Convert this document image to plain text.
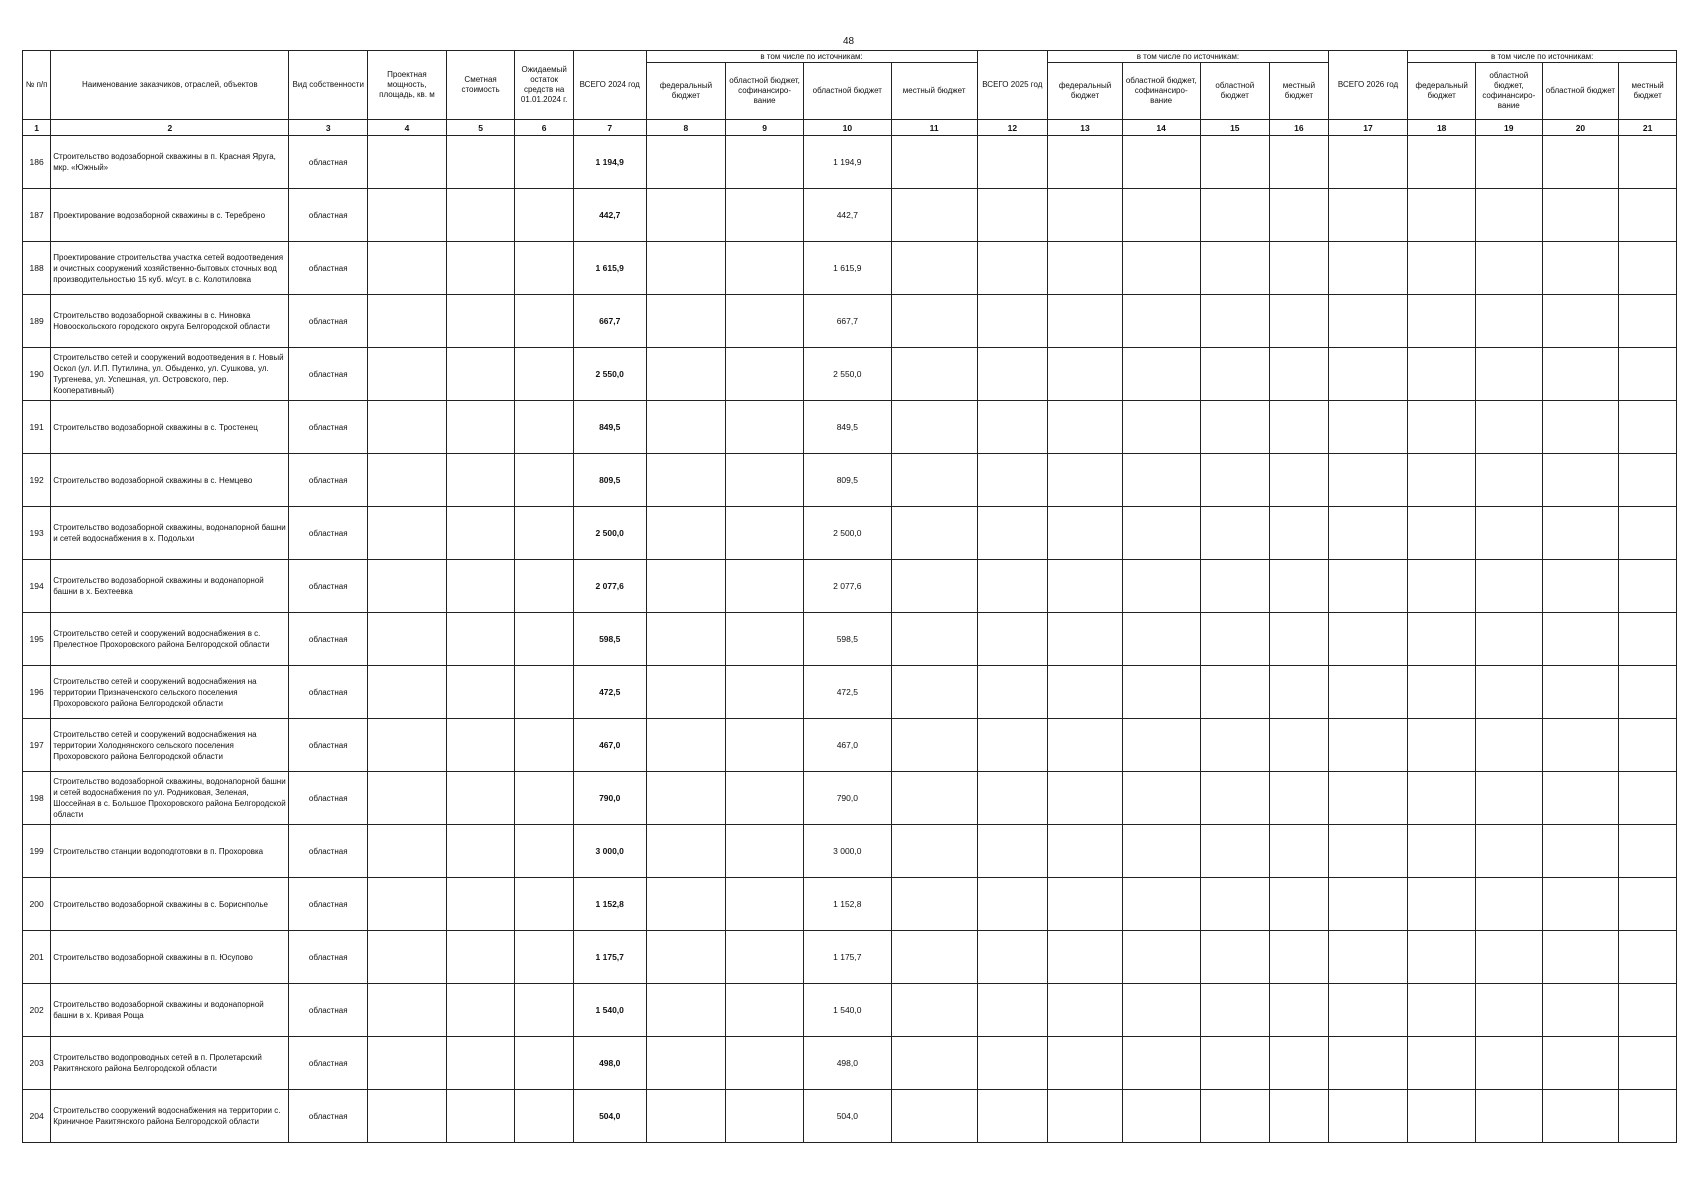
48
№ п/п	Наименование заказчиков, отраслей, объектов	Вид собственности	Проектная мощность, площадь, кв. м	Сметная стоимость	Ожидаемый остаток средств на 01.01.2024 г.	ВСЕГО 2024 год	в том числе по источникам:				ВСЕГО 2025 год	в том числе по источникам:				ВСЕГО 2026 год	в том числе по источникам:			
							федеральный бюджет	областной бюджет, софинансиро-вание	областной бюджет	местный бюджет		федеральный бюджет	областной бюджет, софинансиро-вание	областной бюджет	местный бюджет		федеральный бюджет	областной бюджет, софинансиро-вание	областной бюджет	местный бюджет
1	2	3	4	5	6	7	8	9	10	11	12	13	14	15	16	17	18	19	20	21
186	Строительство водозаборной скважины в п. Красная Яруга, мкр. «Южный»	областная				1 194,9			1 194,9											
187	Проектирование водозаборной скважины в с. Теребрено	областная				442,7			442,7											
188	Проектирование строительства участка сетей водоотведения и очистных сооружений хозяйственно-бытовых сточных вод производительностью 15 куб. м/сут. в с. Колотиловка	областная				1 615,9			1 615,9											
189	Строительство водозаборной скважины в с. Ниновка Новооскольского городского округа Белгородской области	областная				667,7			667,7											
190	Строительство сетей и сооружений водоотведения в г. Новый Оскол (ул. И.П. Путилина, ул. Обыденко, ул. Сушкова, ул. Тургенева, ул. Успешная, ул. Островского, пер. Кооперативный)	областная				2 550,0			2 550,0											
191	Строительство водозаборной скважины в с. Тростенец	областная				849,5			849,5											
192	Строительство водозаборной скважины в с. Немцево	областная				809,5			809,5											
193	Строительство водозаборной скважины, водонапорной башни и сетей водоснабжения в х. Подольхи	областная				2 500,0			2 500,0											
194	Строительство водозаборной скважины и водонапорной башни в х. Бехтеевка	областная				2 077,6			2 077,6											
195	Строительство сетей и сооружений водоснабжения в с. Прелестное Прохоровского района Белгородской области	областная				598,5			598,5											
196	Строительство сетей и сооружений водоснабжения на территории Призначенского сельского поселения Прохоровского района Белгородской области	областная				472,5			472,5											
197	Строительство сетей и сооружений водоснабжения на территории Холоднянского сельского поселения Прохоровского района Белгородской области	областная				467,0			467,0											
198	Строительство водозаборной скважины, водонапорной башни и сетей водоснабжения по ул. Родниковая, Зеленая, Шоссейная в с. Большое Прохоровского района Белгородской области	областная				790,0			790,0											
199	Строительство станции водоподготовки в п. Прохоровка	областная				3 000,0			3 000,0											
200	Строительство водозаборной скважины в с. Бориснполье	областная				1 152,8			1 152,8											
201	Строительство водозаборной скважины в п. Юсупово	областная				1 175,7			1 175,7											
202	Строительство водозаборной скважины и водонапорной башни в х. Кривая Роща	областная				1 540,0			1 540,0											
203	Строительство водопроводных сетей в п. Пролетарский Ракитянского района Белгородской области	областная				498,0			498,0											
204	Строительство сооружений водоснабжения на территории с. Криничное Ракитянского района Белгородской области	областная				504,0			504,0											
